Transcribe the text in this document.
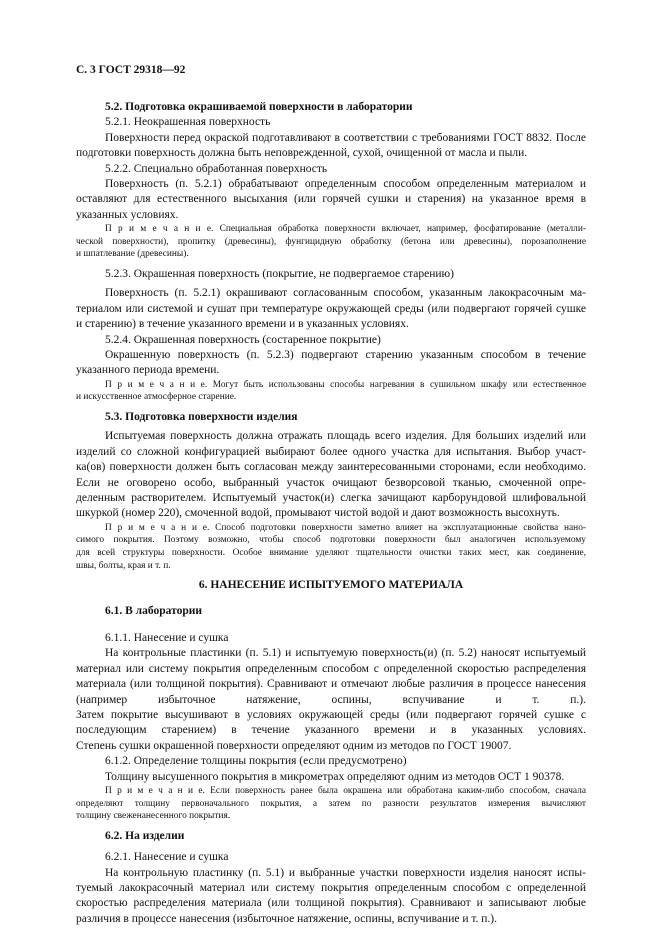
С. 3 ГОСТ 29318—92
5.2. Подготовка окрашиваемой поверхности в лаборатории
5.2.1. Неокрашенная поверхность
Поверхности перед окраской подготавливают в соответствии с требованиями ГОСТ 8832. После
подготовки поверхность должна быть неповрежденной, сухой, очищенной от масла и пыли.
5.2.2. Специально обработанная поверхность
Поверхность (п. 5.2.1) обрабатывают определенным способом определенным материалом и
оставляют для естественного высыхания (или горячей сушки и старения) на указанное время в
указанных условиях.
П р и м е ч а н и е. Специальная обработка поверхности включает, например, фосфатирование (металли-
ческой поверхности), пропитку (древесины), фунгицидную обработку (бетона или древесины), порозаполнение
и шпатлевание (древесины).
5.2.3. Окрашенная поверхность (покрытие, не подвергаемое старению)
Поверхность (п. 5.2.1) окрашивают согласованным способом, указанным лакокрасочным ма-
териалом или системой и сушат при температуре окружающей среды (или подвергают горячей сушке
и старению) в течение указанного времени и в указанных условиях.
5.2.4. Окрашенная поверхность (состаренное покрытие)
Окрашенную поверхность (п. 5.2.3) подвергают старению указанным способом в течение
указанного периода времени.
П р и м е ч а н и е. Могут быть использованы способы нагревания в сушильном шкафу или естественное
и искусственное атмосферное старение.
5.3. Подготовка поверхности изделия
Испытуемая поверхность должна отражать площадь всего изделия. Для больших изделий или
изделий со сложной конфигурацией выбирают более одного участка для испытания. Выбор участ-
ка(ов) поверхности должен быть согласован между заинтересованными сторонами, если необходимо.
Если не оговорено особо, выбранный участок очищают безворсовой тканью, смоченной опре-
деленным растворителем. Испытуемый участок(и) слегка зачищают карборундовой шлифовальной
шкуркой (номер 220), смоченной водой, промывают чистой водой и дают возможность высохнуть.
П р и м е ч а н и е. Способ подготовки поверхности заметно влияет на эксплуатационные свойства нано-
симого покрытия. Поэтому возможно, чтобы способ подготовки поверхности был аналогичен используемому
для всей структуры поверхности. Особое внимание уделяют тщательности очистки таких мест, как соединение,
швы, болты, края и т. п.
6. НАНЕСЕНИЕ ИСПЫТУЕМОГО МАТЕРИАЛА
6.1. В лаборатории
6.1.1. Нанесение и сушка
На контрольные пластинки (п. 5.1) и испытуемую поверхность(и) (п. 5.2) наносят испытуемый
материал или систему покрытия определенным способом с определенной скоростью распределения
материала (или толщиной покрытия). Сравнивают и отмечают любые различия в процессе нанесения
(например избыточное натяжение, оспины, вспучивание и т. п.).
Затем покрытие высушивают в условиях окружающей среды (или подвергают горячей сушке с
последующим старением) в течение указанного времени и в указанных условиях.
Степень сушки окрашенной поверхности определяют одним из методов по ГОСТ 19007.
6.1.2. Определение толщины покрытия (если предусмотрено)
Толщину высушенного покрытия в микрометрах определяют одним из методов ОСТ 1 90378.
П р и м е ч а н и е. Если поверхность ранее была окрашена или обработана каким-либо способом, сначала
определяют толщину первоначального покрытия, а затем по разности результатов измерения вычисляют
толщину свеженанесенного покрытия.
6.2. На изделии
6.2.1. Нанесение и сушка
На контрольную пластинку (п. 5.1) и выбранные участки поверхности изделия наносят испы-
туемый лакокрасочный материал или систему покрытия определенным способом с определенной
скоростью распределения материала (или толщиной покрытия). Сравнивают и записывают любые
различия в процессе нанесения (избыточное натяжение, оспины, вспучивание и т. п.).
